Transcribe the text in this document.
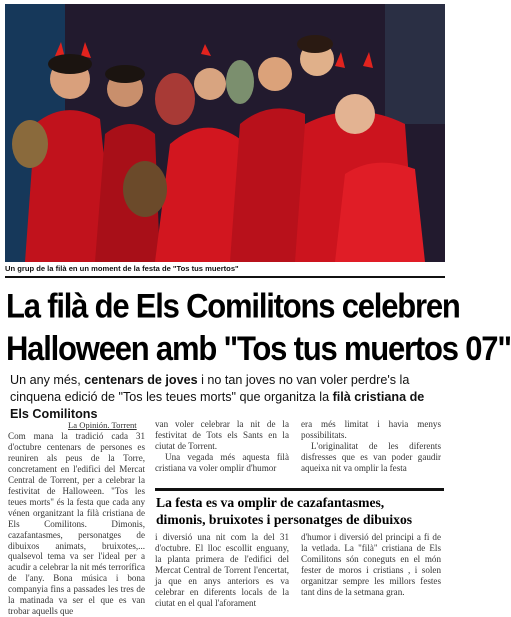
Un grup de la filà en un moment de la festa de "Tos tus muertos"
La filà de Els Comilitons celebren
Halloween amb "Tos tus muertos 07"
Un any més, centenars de joves i no tan joves no van voler perdre's la cinquena edició de "Tos les teues morts" que organitza la filà cristiana de Els Comilitons
La Opinión. Torrent

Com mana la tradició cada 31 d'octubre centenars de persones es reuniren als peus de la Torre, concretament en l'edifici del Mercat Central de Torrent, per a celebrar la festivitat de Halloween. "Tos les teues morts" és la festa que cada any vénen organitzant la filà cristiana de Els Comilitons. Dimonis, cazafantasmes, personatges de dibuixos animats, bruixotes,... qualsevol tema va ser l'ideal per a acudir a celebrar la nit més terrorífica de l'any. Bona música i bona companyia fins a passades les tres de la matinada va ser el que es van trobar aquells que

van voler celebrar la nit de la festivitat de Tots els Sants en la ciutat de Torrent.

Una vegada més aquesta filà cristiana va voler omplir d'humor

era més limitat i havia menys possibilitats.

L'originalitat de les diferents disfresses que es van poder gaudir aqueixa nit va omplir la festa

La festa es va omplir de cazafantasmes,
dimonis, bruixotes i personatges de dibuixos

i diversió una nit com la del 31 d'octubre. El lloc escollit enguany, la planta primera de l'edifici del Mercat Central de Torrent l'encertat, ja que en anys anteriors es va celebrar en diferents locals de la ciutat en el qual l'aforament

d'humor i diversió del principi a fi de la vetlada. La "filà" cristiana de Els Comilitons són coneguts en el món fester de moros i cristians , i solen organitzar sempre les millors festes tant dins de la setmana gran.
